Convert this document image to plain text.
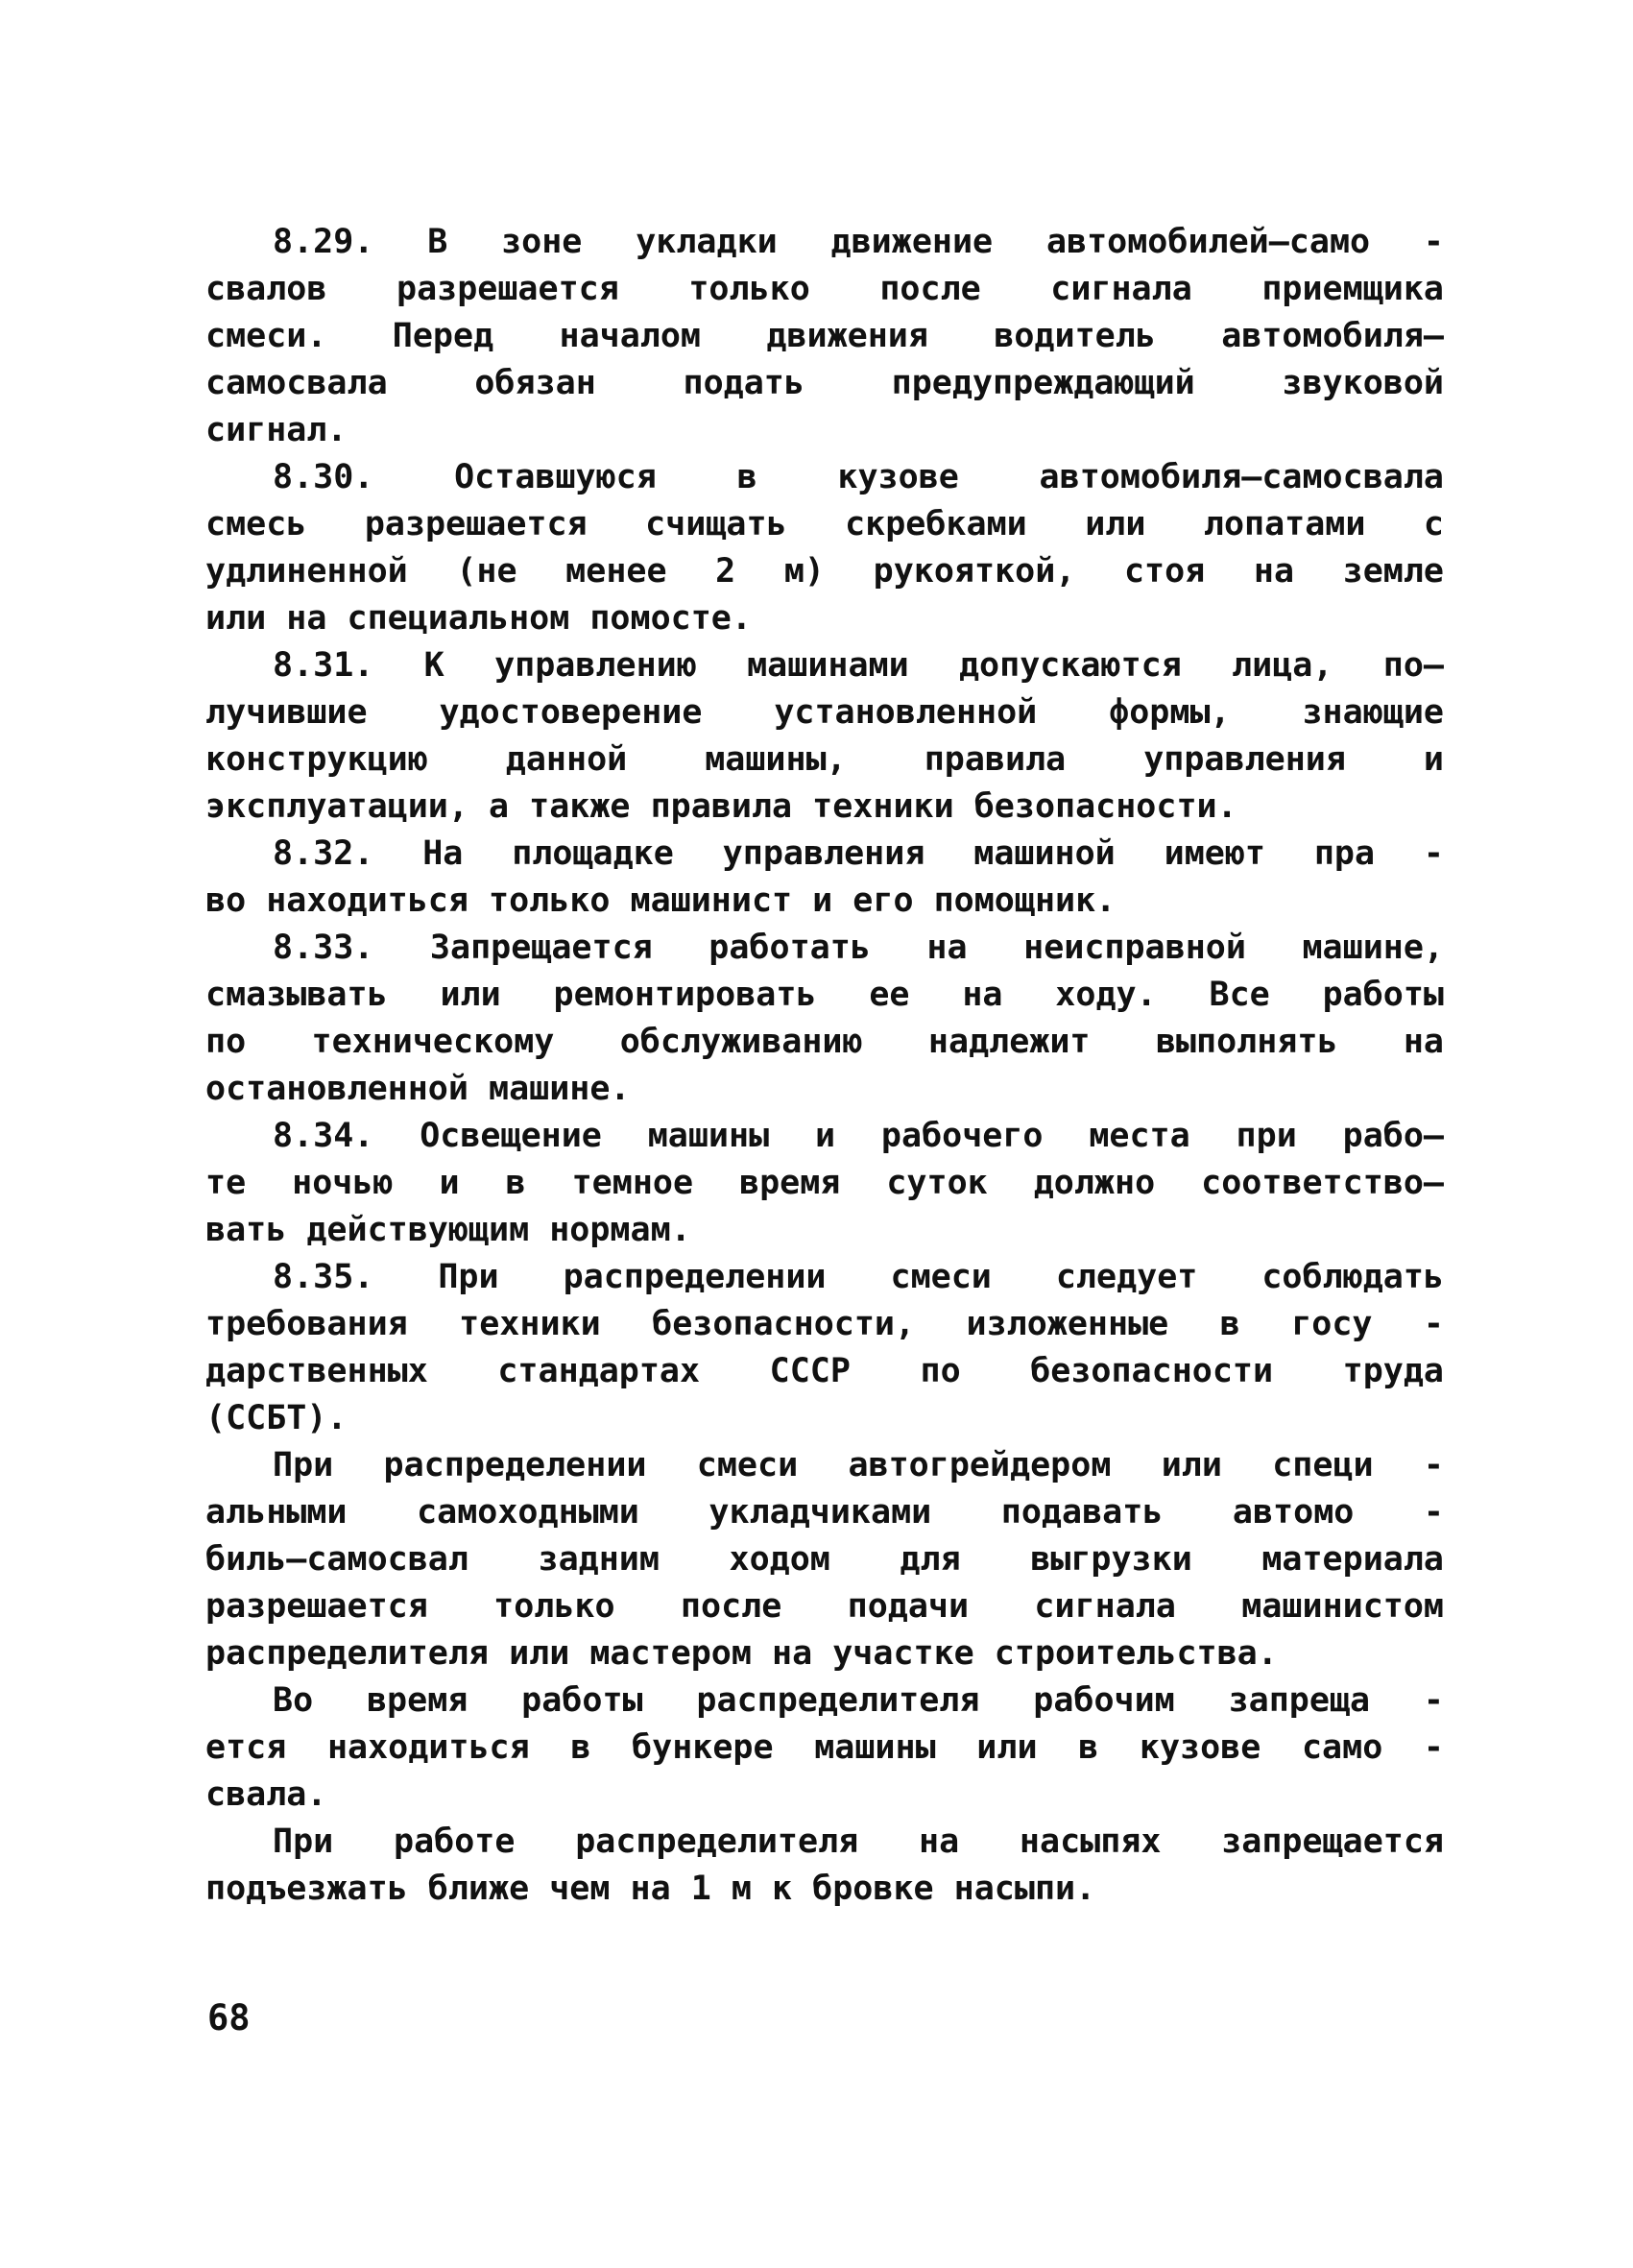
8.29. В зоне укладки движение автомобилей–само -
свалов разрешается только после сигнала приемщика
смеси. Перед началом движения водитель автомобиля–
самосвала обязан подать предупреждающий звуковой
сигнал.
8.30. Оставшуюся в кузове автомобиля–самосвала
смесь разрешается счищать скребками или лопатами с
удлиненной (не менее 2 м) рукояткой, стоя на земле
или на специальном помосте.
8.31. К управлению машинами допускаются лица, по–
лучившие удостоверение установленной формы, знающие
конструкцию данной машины, правила управления и
эксплуатации, а также правила техники безопасности.
8.32. На площадке управления машиной имеют пра -
во находиться только машинист и его помощник.
8.33. Запрещается работать на неисправной машине,
смазывать или ремонтировать ее на ходу. Все работы
по техническому обслуживанию надлежит выполнять на
остановленной машине.
8.34. Освещение машины и рабочего места при рабо–
те ночью и в темное время суток должно соответство–
вать действующим нормам.
8.35. При распределении смеси следует соблюдать
требования техники безопасности, изложенные в госу -
дарственных стандартах СССР по безопасности труда
(ССБТ).
При распределении смеси автогрейдером или специ -
альными самоходными укладчиками подавать автомо -
биль–самосвал задним ходом для выгрузки материала
разрешается только после подачи сигнала машинистом
распределителя или мастером на участке строительства.
Во время работы распределителя рабочим запреща -
ется находиться в бункере машины или в кузове само -
свала.
При работе распределителя на насыпях запрещается
подъезжать ближе чем на 1 м к бровке насыпи.
68
